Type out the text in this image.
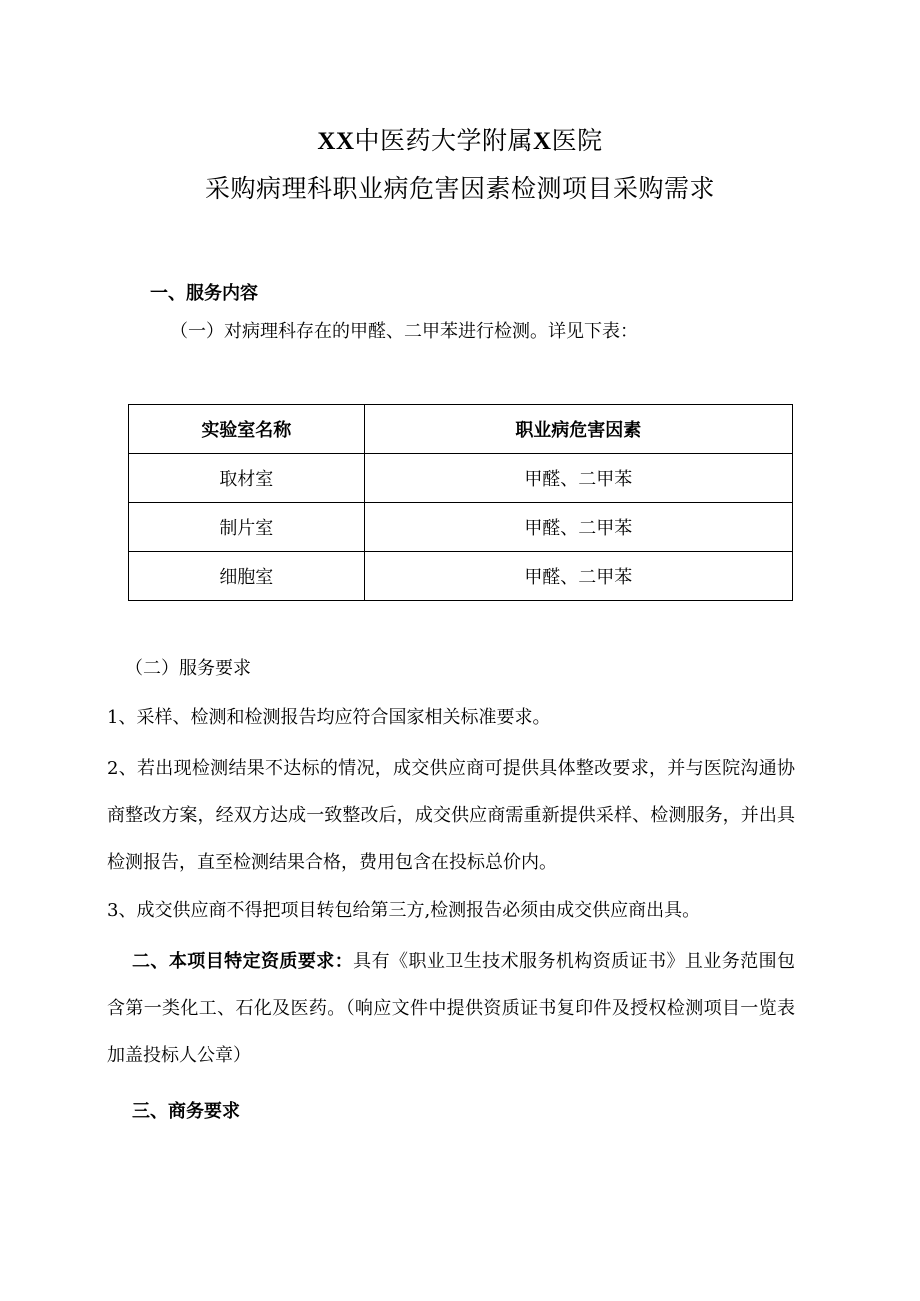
XX中医药大学附属X医院
采购病理科职业病危害因素检测项目采购需求
一、服务内容
（一）对病理科存在的甲醛、二甲苯进行检测。详见下表：
实验室名称	职业病危害因素
取材室	甲醛、二甲苯
制片室	甲醛、二甲苯
细胞室	甲醛、二甲苯
（二）服务要求
1、采样、检测和检测报告均应符合国家相关标准要求。
2、若出现检测结果不达标的情况，成交供应商可提供具体整改要求，并与医院沟通协商整改方案，经双方达成一致整改后，成交供应商需重新提供采样、检测服务，并出具检测报告，直至检测结果合格，费用包含在投标总价内。
3、成交供应商不得把项目转包给第三方,检测报告必须由成交供应商出具。
二、本项目特定资质要求：具有《职业卫生技术服务机构资质证书》且业务范围包含第一类化工、石化及医药。（响应文件中提供资质证书复印件及授权检测项目一览表加盖投标人公章）
三、商务要求
